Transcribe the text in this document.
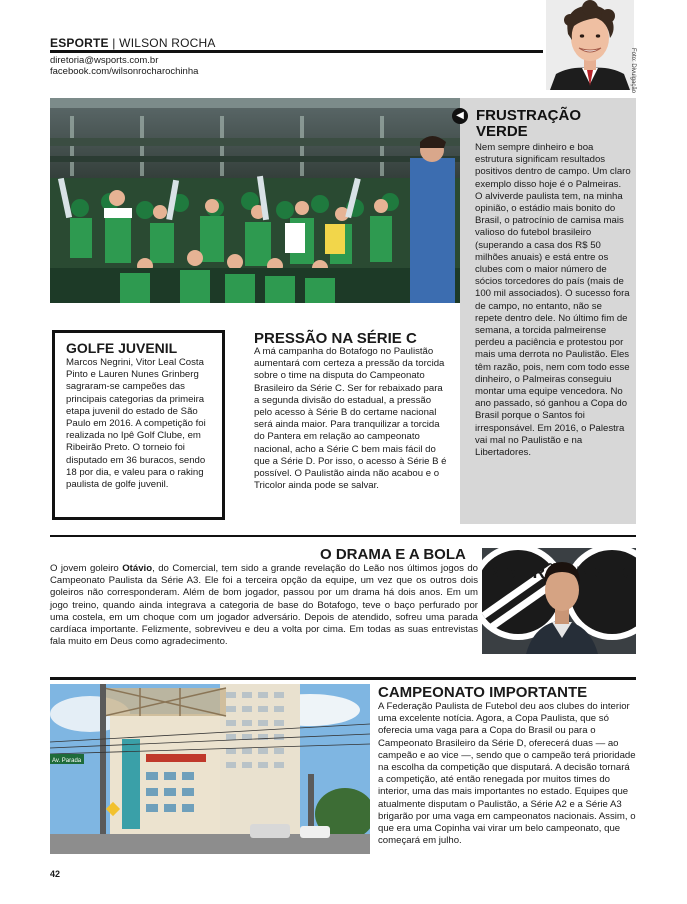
ESPORTE | WILSON ROCHA
diretoria@wsports.com.br
facebook.com/wilsonrocharochinha	Foto: Divulgação
◀ FRUSTRAÇÃO VERDE
Nem sempre dinheiro e boa estrutura significam resultados positivos dentro de campo. Um claro exemplo disso hoje é o Palmeiras. O alviverde paulista tem, na minha opinião, o estádio mais bonito do Brasil, o patrocínio de camisa mais valioso do futebol brasileiro (superando a casa dos R$ 50 milhões anuais) e está entre os clubes com o maior número de sócios torcedores do país (mais de 100 mil associados). O sucesso fora de campo, no entanto, não se repete dentro dele. No último fim de semana, a torcida palmeirense perdeu a paciência e protestou por mais uma derrota no Paulistão. Eles têm razão, pois, nem com todo esse dinheiro, o Palmeiras conseguiu montar uma equipe vencedora. No ano passado, só ganhou a Copa do Brasil porque o Santos foi irresponsável. Em 2016, o Palestra vai mal no Paulistão e na Libertadores.
GOLFE JUVENIL
Marcos Negrini, Vitor Leal Costa Pinto e Lauren Nunes Grinberg sagraram-se campeões das principais categorias da primeira etapa juvenil do estado de São Paulo em 2016. A competição foi realizada no Ipê Golf Clube, em Ribeirão Preto. O torneio foi disputado em 36 buracos, sendo 18 por dia, e valeu para o raking paulista de golfe juvenil.
PRESSÃO NA SÉRIE C
A má campanha do Botafogo no Paulistão aumentará com certeza a pressão da torcida sobre o time na disputa do Campeonato Brasileiro da Série C. Ser for rebaixado para a segunda divisão do estadual, a pressão pelo acesso à Série B do certame nacional será ainda maior. Para tranquilizar a torcida do Pantera em relação ao campeonato nacional, acho a Série C bem mais fácil do que a Série D. Por isso, o acesso à Série B é possível. O Paulistão ainda não acabou e o Tricolor ainda pode se salvar.
O DRAMA E A BOLA
O jovem goleiro Otávio, do Comercial, tem sido a grande revelação do Leão nos últimos jogos do Campeonato Paulista da Série A3. Ele foi a terceira opção da equipe, um vez que os outros dois goleiros não corresponderam. Além de bom jogador, passou por um drama há dois anos. Em um jogo treino, quando ainda integrava a categoria de base do Botafogo, teve o baço perfurado por uma costela, em um choque com um jogador adversário. Depois de atendido, sofreu uma parada cardíaca importante. Felizmente, sobreviveu e deu a volta por cima. Em todas as suas entrevistas fala muito em Deus como agradecimento.
Av. Parada
CAMPEONATO IMPORTANTE
A Federação Paulista de Futebol deu aos clubes do interior uma excelente notícia. Agora, a Copa Paulista, que só oferecia uma vaga para a Copa do Brasil ou para o Campeonato Brasileiro da Série D, oferecerá duas — ao campeão e ao vice —, sendo que o campeão terá prioridade na escolha da competição que disputará. A decisão tornará a competição, até então renegada por muitos times do interior, uma das mais importantes no estado. Equipes que atualmente disputam o Paulistão, a Série A2 e a Série A3 brigarão por uma vaga em campeonatos nacionais. Assim, o que era uma Copinha vai virar um belo campeonato, que começará em julho.
42
